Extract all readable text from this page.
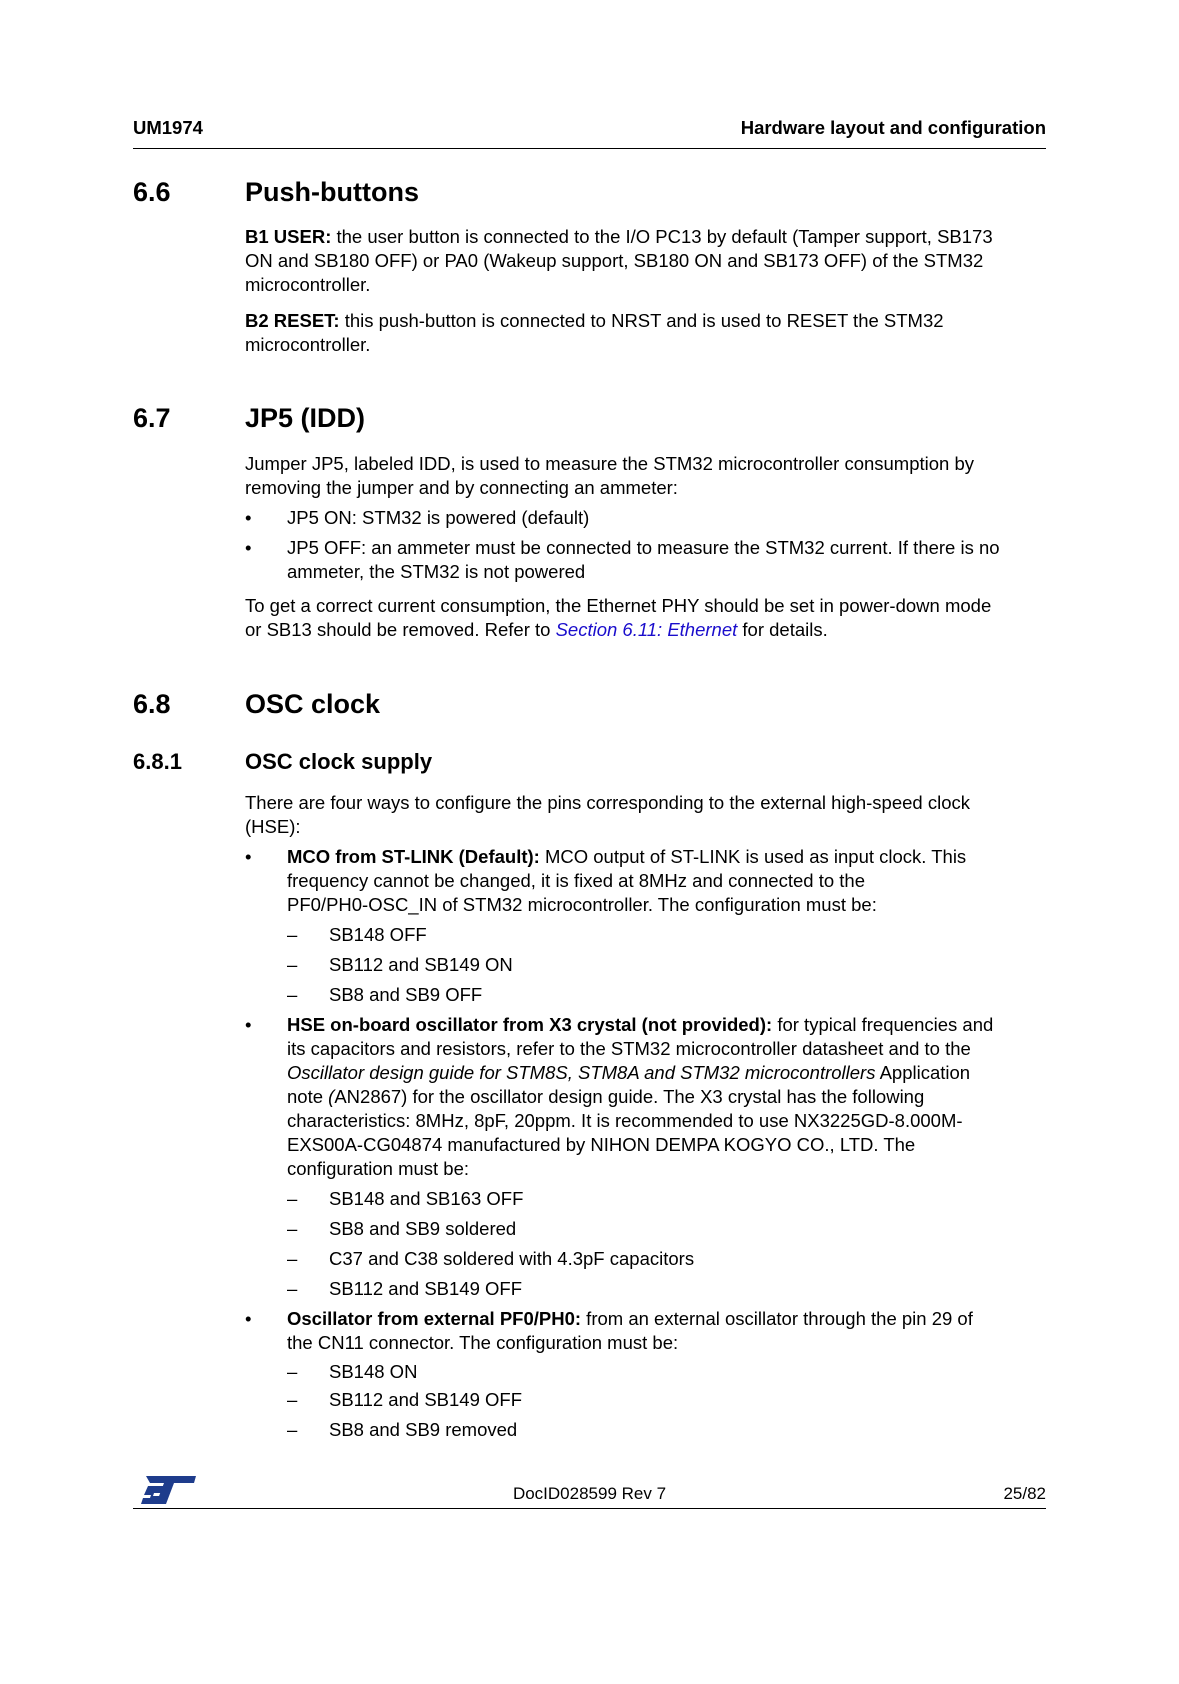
UM1974	Hardware layout and configuration
6.6	Push-buttons
B1 USER: the user button is connected to the I/O PC13 by default (Tamper support, SB173
ON and SB180 OFF) or PA0 (Wakeup support, SB180 ON and SB173 OFF) of the STM32
microcontroller.
B2 RESET: this push-button is connected to NRST and is used to RESET the STM32
microcontroller.
6.7	JP5 (IDD)
Jumper JP5, labeled IDD, is used to measure the STM32 microcontroller consumption by
removing the jumper and by connecting an ammeter:
• JP5 ON: STM32 is powered (default)
• JP5 OFF: an ammeter must be connected to measure the STM32 current. If there is no
ammeter, the STM32 is not powered
To get a correct current consumption, the Ethernet PHY should be set in power-down mode
or SB13 should be removed. Refer to Section 6.11: Ethernet for details.
6.8	OSC clock
6.8.1	OSC clock supply
There are four ways to configure the pins corresponding to the external high-speed clock
(HSE):
• MCO from ST-LINK (Default): MCO output of ST-LINK is used as input clock. This
frequency cannot be changed, it is fixed at 8MHz and connected to the
PF0/PH0-OSC_IN of STM32 microcontroller. The configuration must be:
– SB148 OFF
– SB112 and SB149 ON
– SB8 and SB9 OFF
• HSE on-board oscillator from X3 crystal (not provided): for typical frequencies and
its capacitors and resistors, refer to the STM32 microcontroller datasheet and to the
Oscillator design guide for STM8S, STM8A and STM32 microcontrollers Application
note (AN2867) for the oscillator design guide. The X3 crystal has the following
characteristics: 8MHz, 8pF, 20ppm. It is recommended to use NX3225GD-8.000M-
EXS00A-CG04874 manufactured by NIHON DEMPA KOGYO CO., LTD. The
configuration must be:
– SB148 and SB163 OFF
– SB8 and SB9 soldered
– C37 and C38 soldered with 4.3pF capacitors
– SB112 and SB149 OFF
• Oscillator from external PF0/PH0: from an external oscillator through the pin 29 of
the CN11 connector. The configuration must be:
– SB148 ON
– SB112 and SB149 OFF
– SB8 and SB9 removed
DocID028599 Rev 7	25/82
